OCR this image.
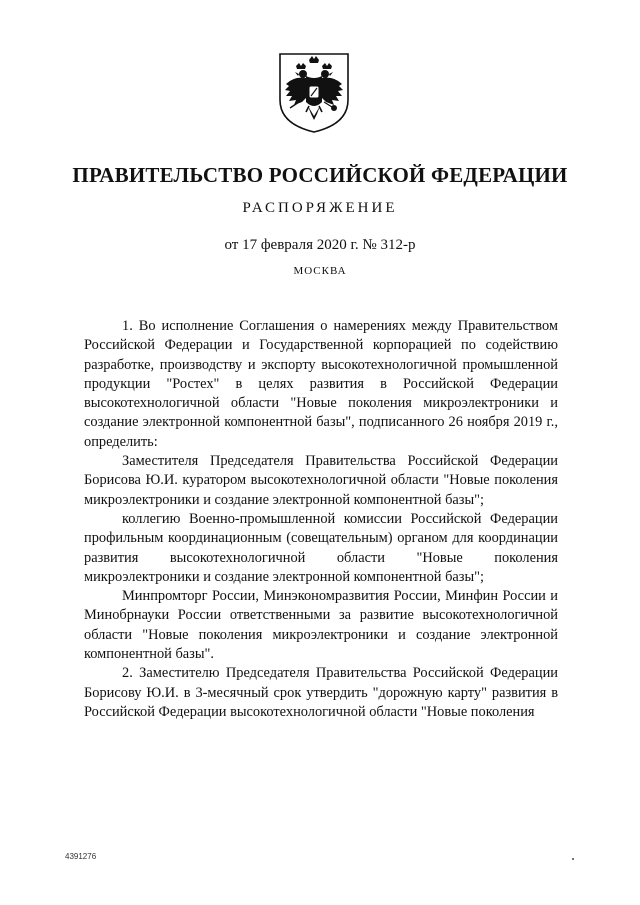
ПРАВИТЕЛЬСТВО РОССИЙСКОЙ ФЕДЕРАЦИИ
РАСПОРЯЖЕНИЕ
от 17 февраля 2020 г. № 312-р
МОСКВА

1. Во исполнение Соглашения о намерениях между Правительством Российской Федерации и Государственной корпорацией по содействию разработке, производству и экспорту высокотехнологичной промышленной продукции "Ростех" в целях развития в Российской Федерации высокотехнологичной области "Новые поколения микроэлектроники и создание электронной компонентной базы", подписанного 26 ноября 2019 г., определить:

Заместителя Председателя Правительства Российской Федерации Борисова Ю.И. куратором высокотехнологичной области "Новые поколения микроэлектроники и создание электронной компонентной базы";

коллегию Военно-промышленной комиссии Российской Федерации профильным координационным (совещательным) органом для координации развития высокотехнологичной области "Новые поколения микроэлектроники и создание электронной компонентной базы";

Минпромторг России, Минэкономразвития России, Минфин России и Минобрнауки России ответственными за развитие высокотехнологичной области "Новые поколения микроэлектроники и создание электронной компонентной базы".

2. Заместителю Председателя Правительства Российской Федерации Борисову Ю.И. в 3-месячный срок утвердить "дорожную карту" развития в Российской Федерации высокотехнологичной области "Новые поколения

4391276
